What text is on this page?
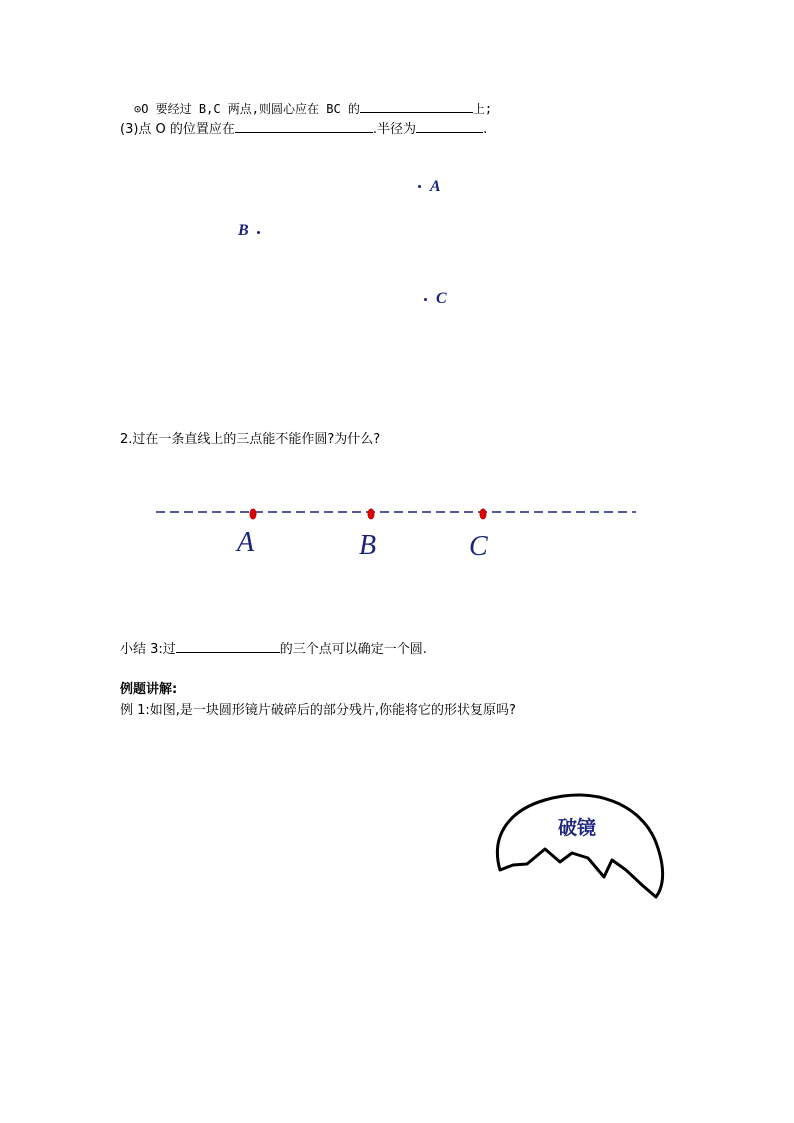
⊙O 要经过 B,C 两点,则圆心应在 BC 的	上;
(3)点 O 的位置应在	.半径为	.
A
B
C
2.过在一条直线上的三点能不能作圆?为什么?
A	B	C
小结 3:过	的三个点可以确定一个圆.
例题讲解:
例 1:如图,是一块圆形镜片破碎后的部分残片,你能将它的形状复原吗?
破镜
